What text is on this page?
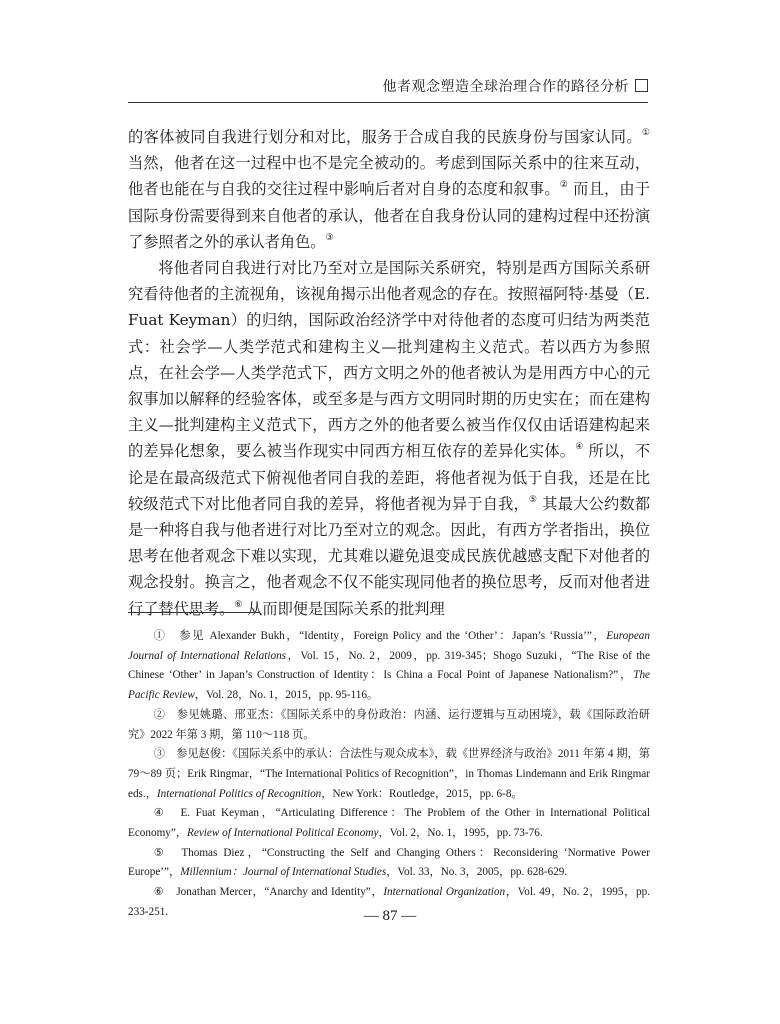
他者观念塑造全球治理合作的路径分析

的客体被同自我进行划分和对比，服务于合成自我的民族身份与国家认同。①当然，他者在这一过程中也不是完全被动的。考虑到国际关系中的往来互动，他者也能在与自我的交往过程中影响后者对自身的态度和叙事。② 而且，由于国际身份需要得到来自他者的承认，他者在自我身份认同的建构过程中还扮演了参照者之外的承认者角色。③

将他者同自我进行对比乃至对立是国际关系研究，特别是西方国际关系研究看待他者的主流视角，该视角揭示出他者观念的存在。按照福阿特·基曼（E. Fuat Keyman）的归纳，国际政治经济学中对待他者的态度可归结为两类范式：社会学—人类学范式和建构主义—批判建构主义范式。若以西方为参照点，在社会学—人类学范式下，西方文明之外的他者被认为是用西方中心的元叙事加以解释的经验客体，或至多是与西方文明同时期的历史实在；而在建构主义—批判建构主义范式下，西方之外的他者要么被当作仅仅由话语建构起来的差异化想象，要么被当作现实中同西方相互依存的差异化实体。④ 所以，不论是在最高级范式下俯视他者同自我的差距，将他者视为低于自我，还是在比较级范式下对比他者同自我的差异，将他者视为异于自我，⑤ 其最大公约数都是一种将自我与他者进行对比乃至对立的观念。因此，有西方学者指出，换位思考在他者观念下难以实现，尤其难以避免退变成民族优越感支配下对他者的观念投射。换言之，他者观念不仅不能实现同他者的换位思考，反而对他者进行了替代思考。⑥ 从而即便是国际关系的批判理

①　参见 Alexander Bukh，“Identity，Foreign Policy and the ‘Other’：Japan’s ‘Russia’”，European Journal of International Relations，Vol. 15，No. 2，2009，pp. 319-345；Shogo Suzuki，“The Rise of the Chinese ‘Other’ in Japan’s Construction of Identity：Is China a Focal Point of Japanese Nationalism?”，The Pacific Review，Vol. 28，No. 1，2015，pp. 95-116。

②　参见姚璐、邢亚杰：《国际关系中的身份政治：内涵、运行逻辑与互动困境》，载《国际政治研究》2022 年第 3 期，第 110～118 页。

③　参见赵俊：《国际关系中的承认：合法性与观众成本》，载《世界经济与政治》2011 年第 4 期，第 79～89 页；Erik Ringmar，“The International Politics of Recognition”，in Thomas Lindemann and Erik Ringmar eds.，International Politics of Recognition，New York：Routledge，2015，pp. 6-8。

④　E. Fuat Keyman，“Articulating Difference：The Problem of the Other in International Political Economy”，Review of International Political Economy，Vol. 2，No. 1，1995，pp. 73-76.

⑤　Thomas Diez，“Constructing the Self and Changing Others：Reconsidering ‘Normative Power Europe’”，Millennium：Journal of International Studies，Vol. 33，No. 3，2005，pp. 628-629.

⑥　Jonathan Mercer，“Anarchy and Identity”，International Organization，Vol. 49，No. 2，1995，pp. 233-251.	— 87 —
